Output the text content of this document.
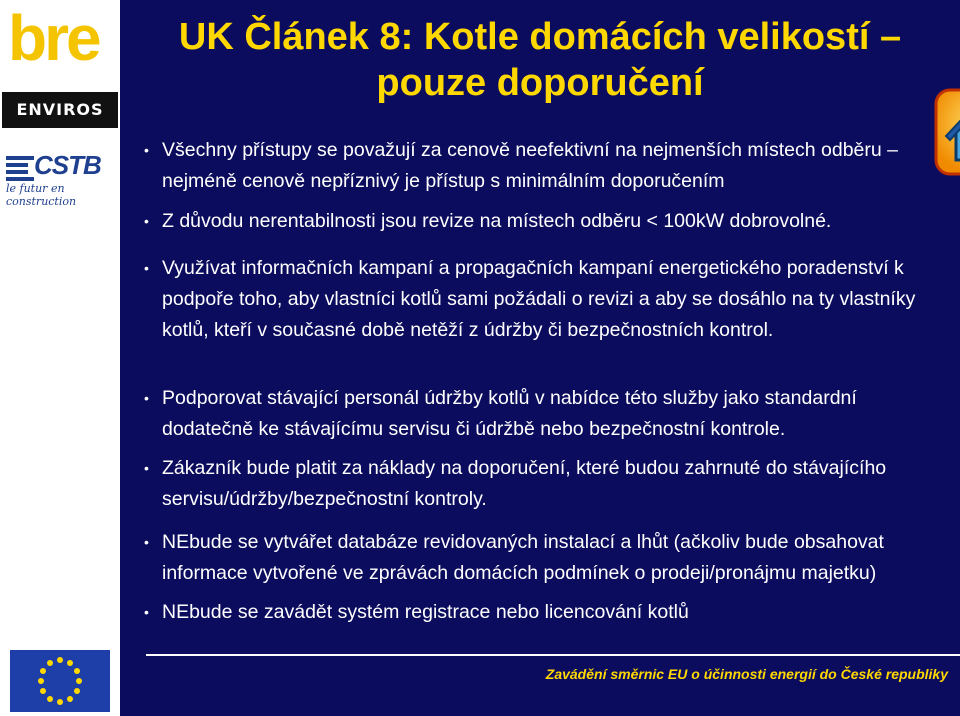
bre
ENVIROS
CSTB
le futur en construction
UK Článek 8: Kotle domácích velikostí – pouze doporučení
• Všechny přístupy se považují za cenově neefektivní na nejmenších místech odběru – nejméně cenově nepříznivý je přístup s minimálním doporučením
• Z důvodu nerentabilnosti jsou revize na místech odběru < 100kW dobrovolné.
• Využívat informačních kampaní a propagačních kampaní energetického poradenství k podpoře toho, aby vlastníci kotlů sami požádali o revizi a aby se dosáhlo na ty vlastníky kotlů, kteří v současné době netěží z údržby či bezpečnostních kontrol.
• Podporovat stávající personál údržby kotlů v nabídce této služby jako standardní dodatečně ke stávajícímu servisu či údržbě nebo bezpečnostní kontrole.
• Zákazník bude platit za náklady na doporučení, které budou zahrnuté do stávajícího servisu/údržby/bezpečnostní kontroly.
• NEbude se vytvářet databáze revidovaných instalací a lhůt (ačkoliv bude obsahovat informace vytvořené ve zprávách domácích podmínek o prodeji/pronájmu majetku)
• NEbude se zavádět systém registrace nebo licencování kotlů
Zavádění směrnic EU o účinnosti energií do České republiky
